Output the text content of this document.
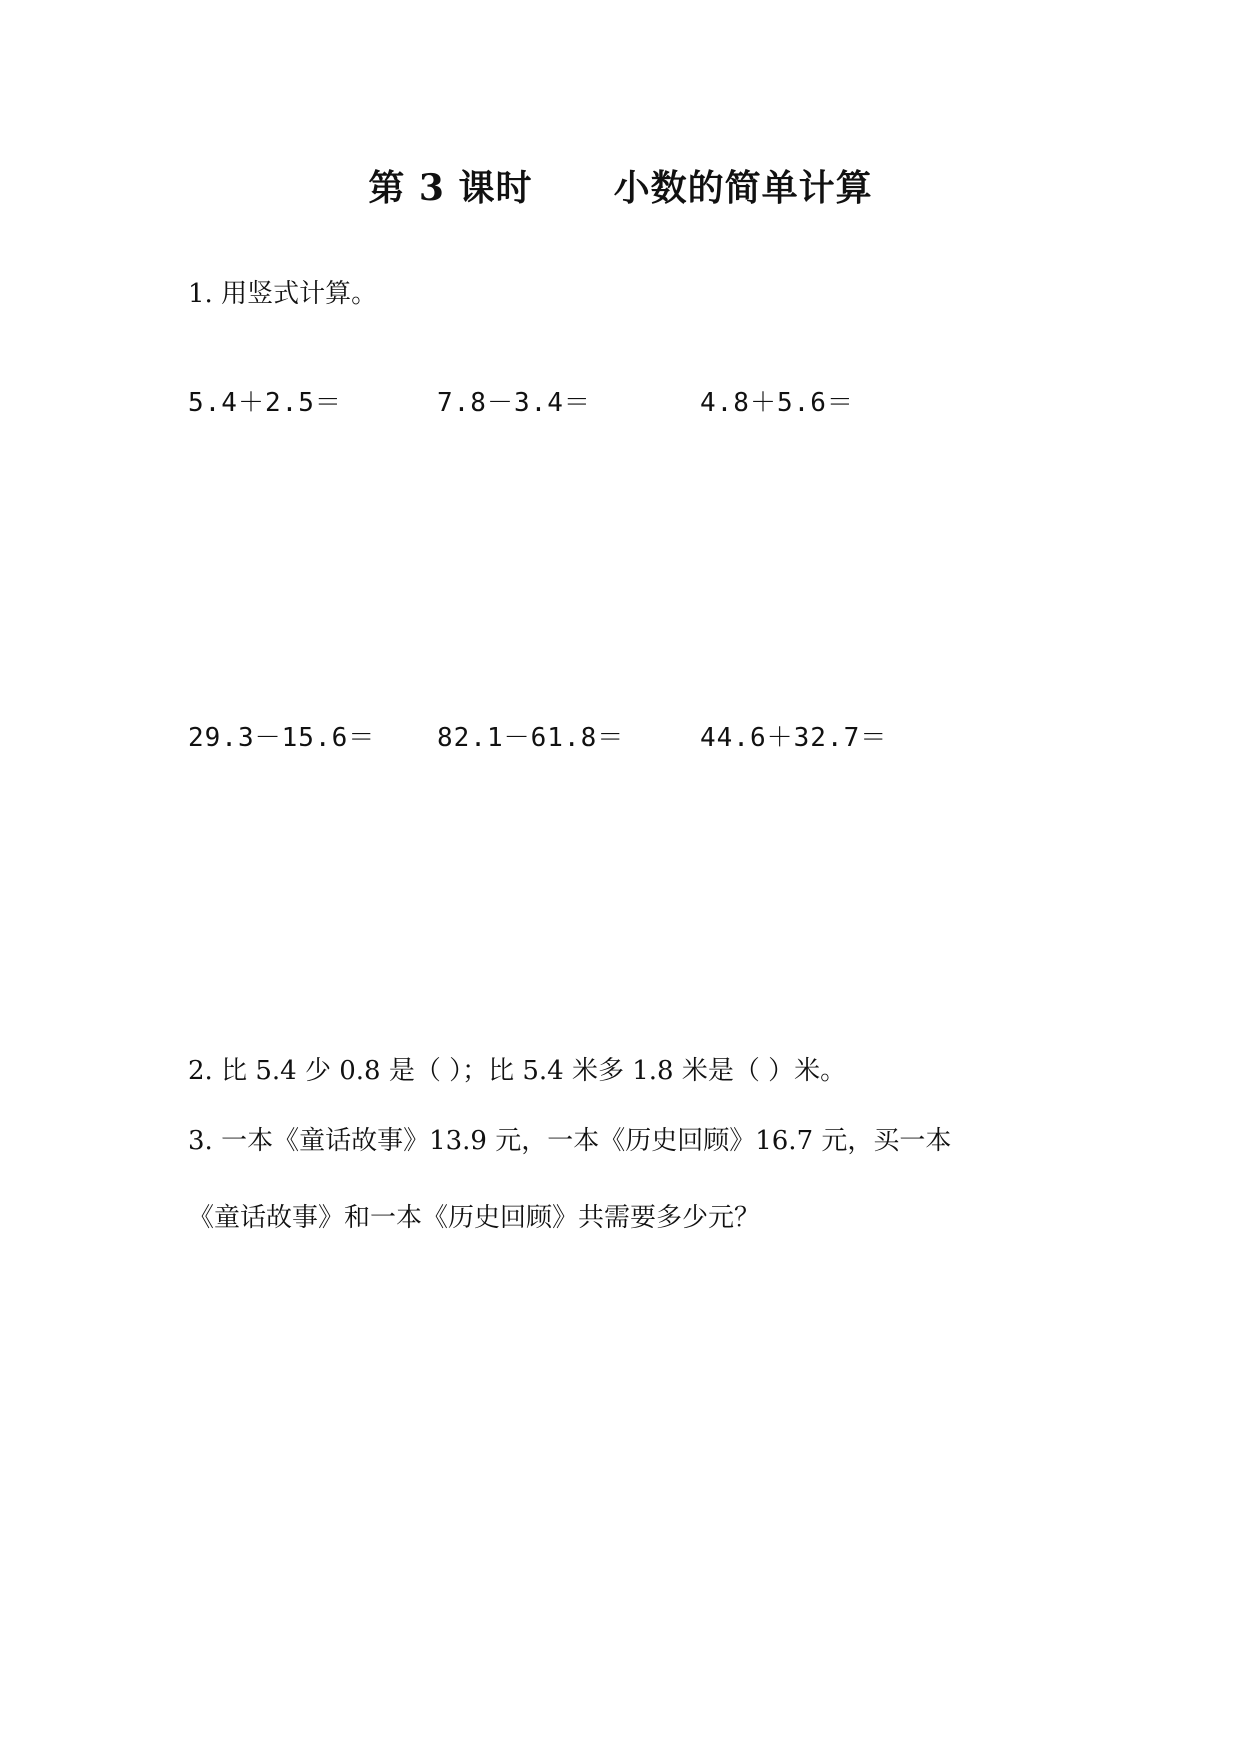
第 3 课时      小数的简单计算
1. 用竖式计算。
5.4＋2.5＝	7.8－3.4＝	4.8＋5.6＝
29.3－15.6＝ 82.1－61.8＝	44.6＋32.7＝
2. 比 5.4 少 0.8 是（ ）；比 5.4 米多 1.8 米是（ ）米。
3. 一本《童话故事》13.9 元，一本《历史回顾》16.7 元，买一本
《童话故事》和一本《历史回顾》共需要多少元？
